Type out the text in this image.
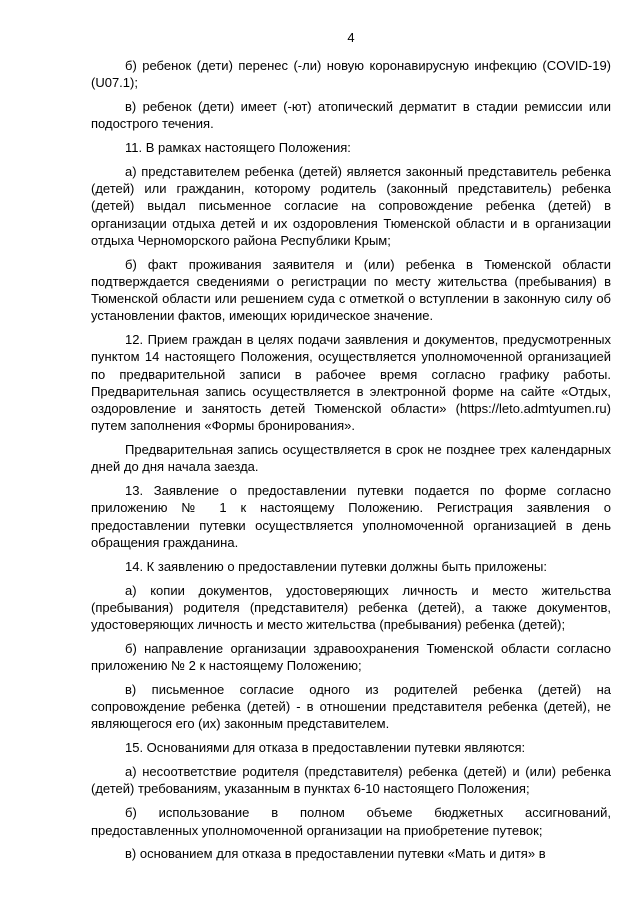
4

б) ребенок (дети) перенес (-ли) новую коронавирусную инфекцию (COVID-19) (U07.1);

в) ребенок (дети) имеет (-ют) атопический дерматит в стадии ремиссии или подострого течения.

11. В рамках настоящего Положения:

а) представителем ребенка (детей) является законный представитель ребенка (детей) или гражданин, которому родитель (законный представитель) ребенка (детей) выдал письменное согласие на сопровождение ребенка (детей) в организации отдыха детей и их оздоровления Тюменской области и в организации отдыха Черноморского района Республики Крым;

б) факт проживания заявителя и (или) ребенка в Тюменской области подтверждается сведениями о регистрации по месту жительства (пребывания) в Тюменской области или решением суда с отметкой о вступлении в законную силу об установлении фактов, имеющих юридическое значение.

12. Прием граждан в целях подачи заявления и документов, предусмотренных пунктом 14 настоящего Положения, осуществляется уполномоченной организацией по предварительной записи в рабочее время согласно графику работы. Предварительная запись осуществляется в электронной форме на сайте «Отдых, оздоровление и занятость детей Тюменской области» (https://leto.admtyumen.ru) путем заполнения «Формы бронирования».

Предварительная запись осуществляется в срок не позднее трех календарных дней до дня начала заезда.

13. Заявление о предоставлении путевки подается по форме согласно приложению № 1 к настоящему Положению. Регистрация заявления о предоставлении путевки осуществляется уполномоченной организацией в день обращения гражданина.

14. К заявлению о предоставлении путевки должны быть приложены:

а) копии документов, удостоверяющих личность и место жительства (пребывания) родителя (представителя) ребенка (детей), а также документов, удостоверяющих личность и место жительства (пребывания) ребенка (детей);

б) направление организации здравоохранения Тюменской области согласно приложению № 2 к настоящему Положению;

в) письменное согласие одного из родителей ребенка (детей) на сопровождение ребенка (детей) - в отношении представителя ребенка (детей), не являющегося его (их) законным представителем.

15. Основаниями для отказа в предоставлении путевки являются:

а) несоответствие родителя (представителя) ребенка (детей) и (или) ребенка (детей) требованиям, указанным в пунктах 6-10 настоящего Положения;

б) использование в полном объеме бюджетных ассигнований, предоставленных уполномоченной организации на приобретение путевок;

в) основанием для отказа в предоставлении путевки «Мать и дитя» в
